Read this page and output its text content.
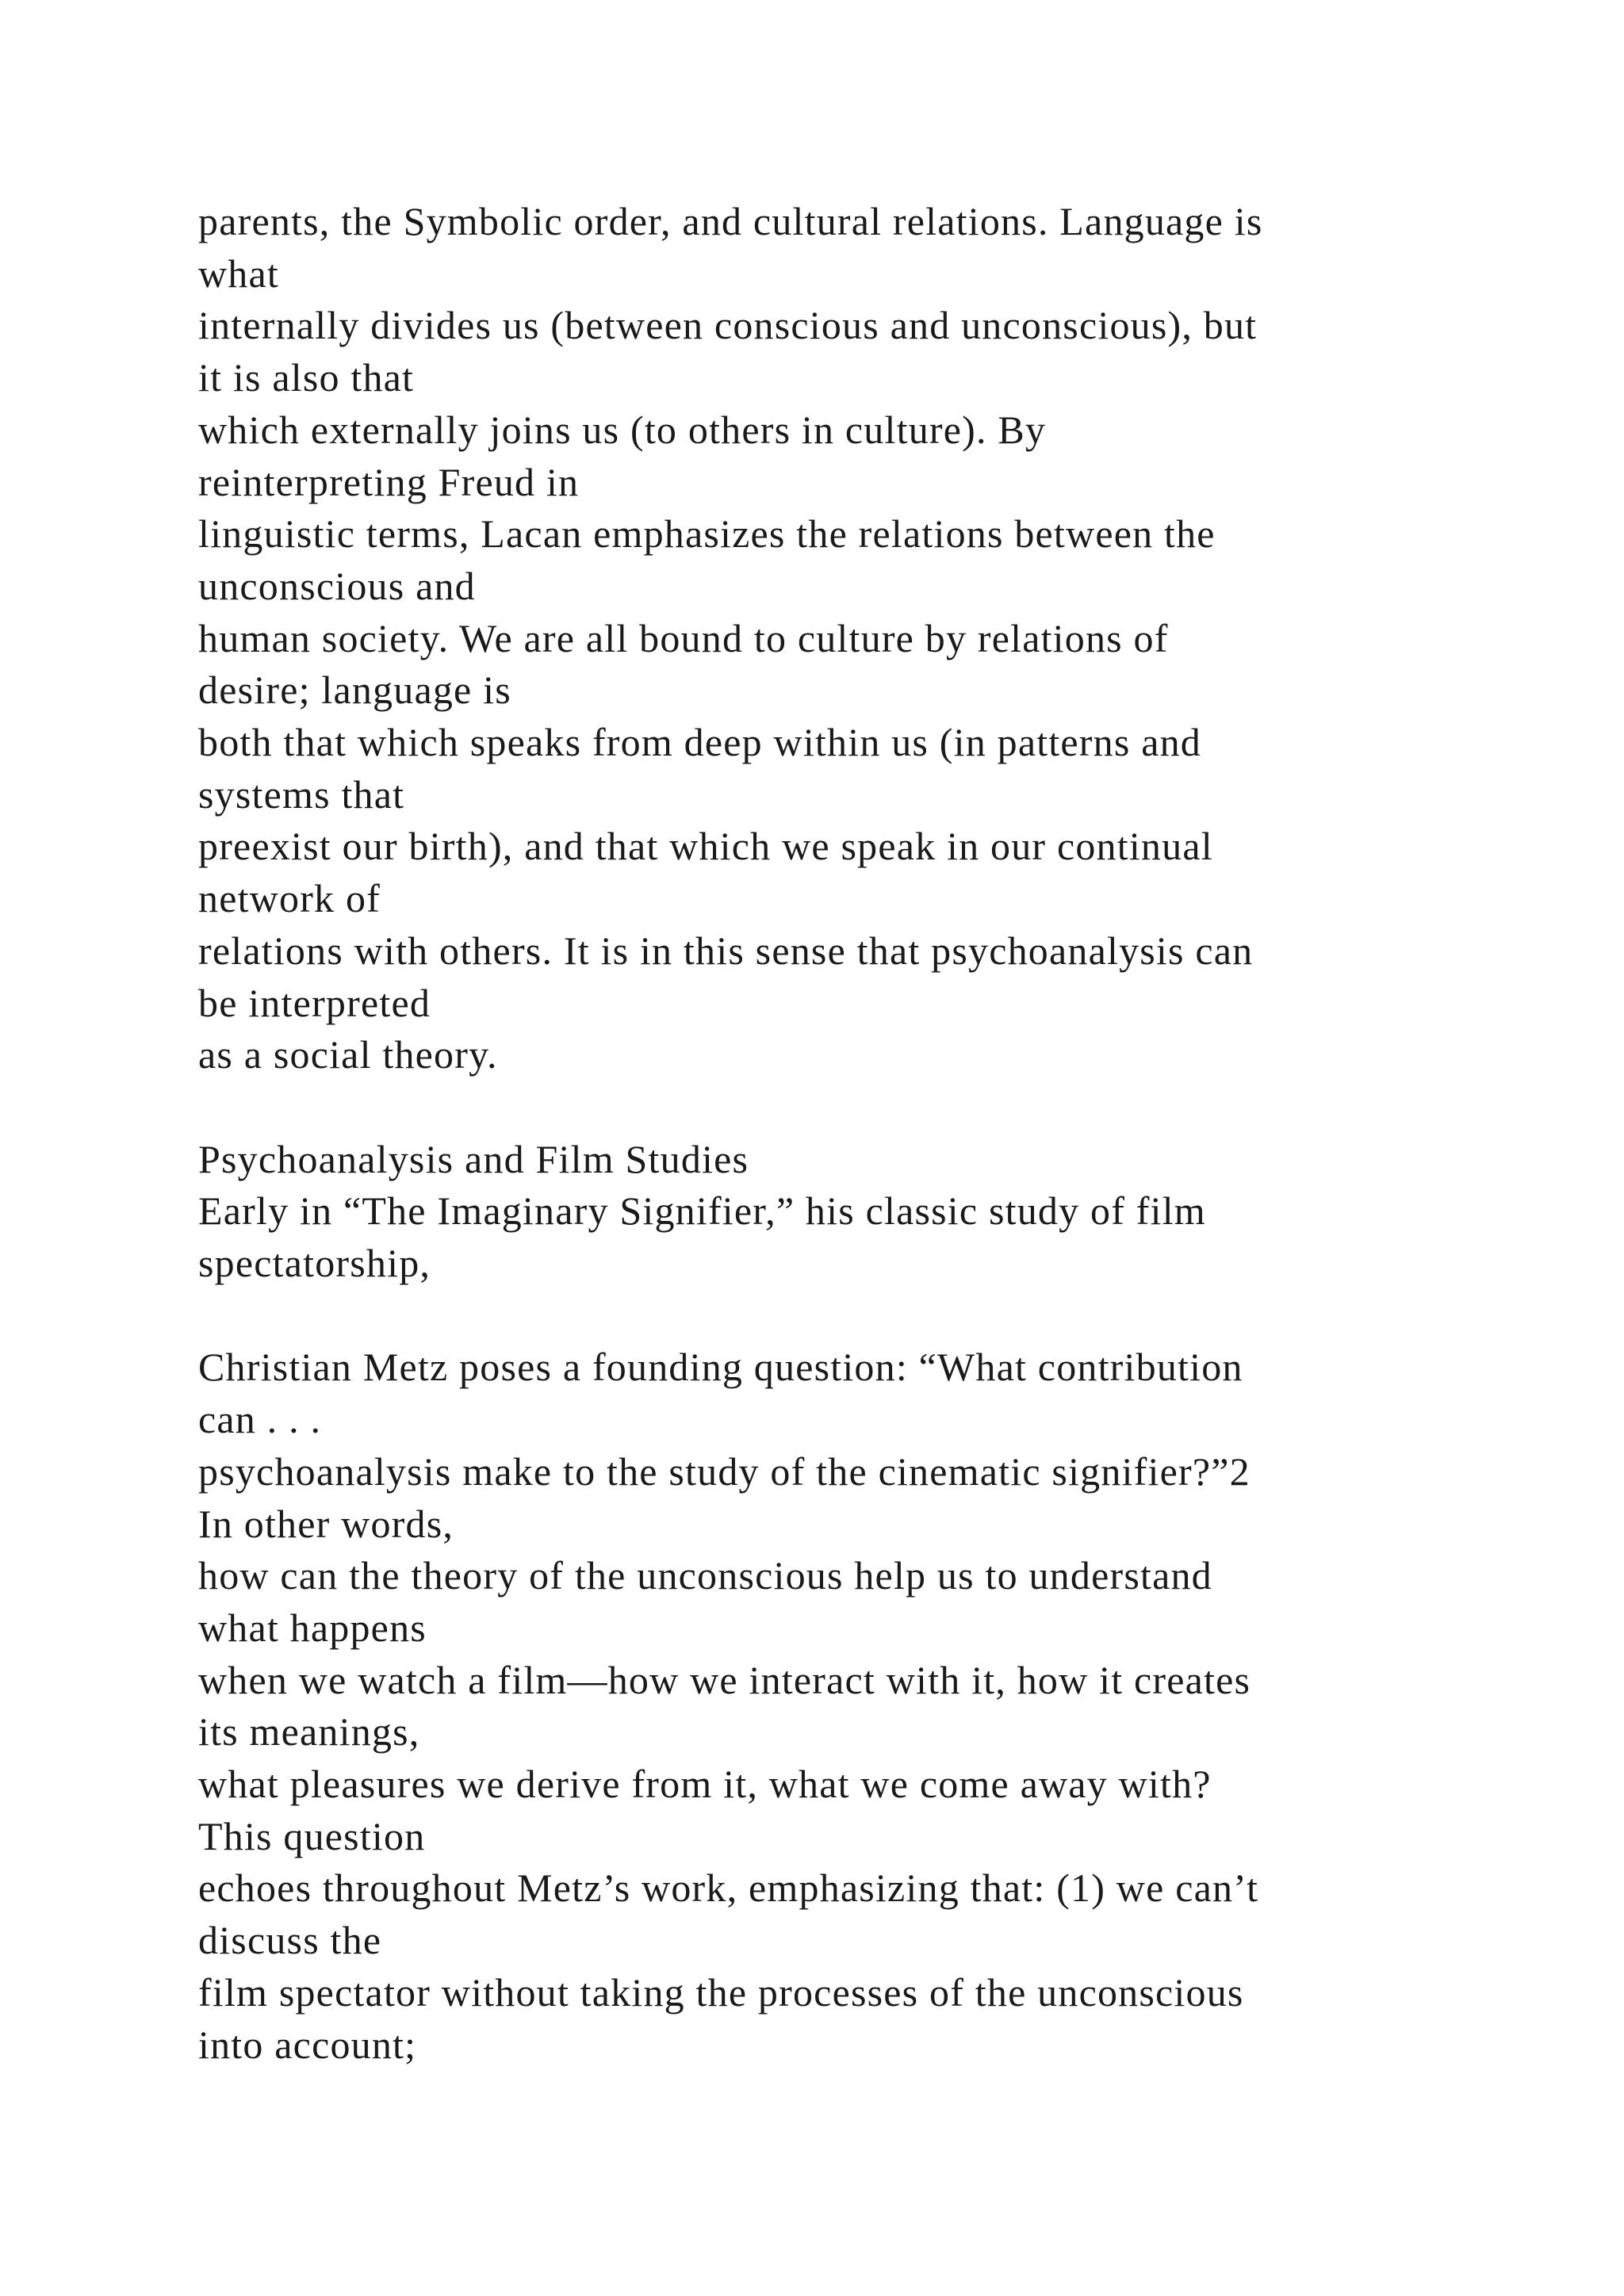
parents, the Symbolic order, and cultural relations. Language is
what
internally divides us (between conscious and unconscious), but
it is also that
which externally joins us (to others in culture). By
reinterpreting Freud in
linguistic terms, Lacan emphasizes the relations between the
unconscious and
human society. We are all bound to culture by relations of
desire; language is
both that which speaks from deep within us (in patterns and
systems that
preexist our birth), and that which we speak in our continual
network of
relations with others. It is in this sense that psychoanalysis can
be interpreted
as a social theory.
Psychoanalysis and Film Studies
Early in “The Imaginary Signifier,” his classic study of film
spectatorship,
Christian Metz poses a founding question: “What contribution
can . . .
psychoanalysis make to the study of the cinematic signifier?”2
In other words,
how can the theory of the unconscious help us to understand
what happens
when we watch a film—how we interact with it, how it creates
its meanings,
what pleasures we derive from it, what we come away with?
This question
echoes throughout Metz’s work, emphasizing that: (1) we can’t
discuss the
film spectator without taking the processes of the unconscious
into account;
